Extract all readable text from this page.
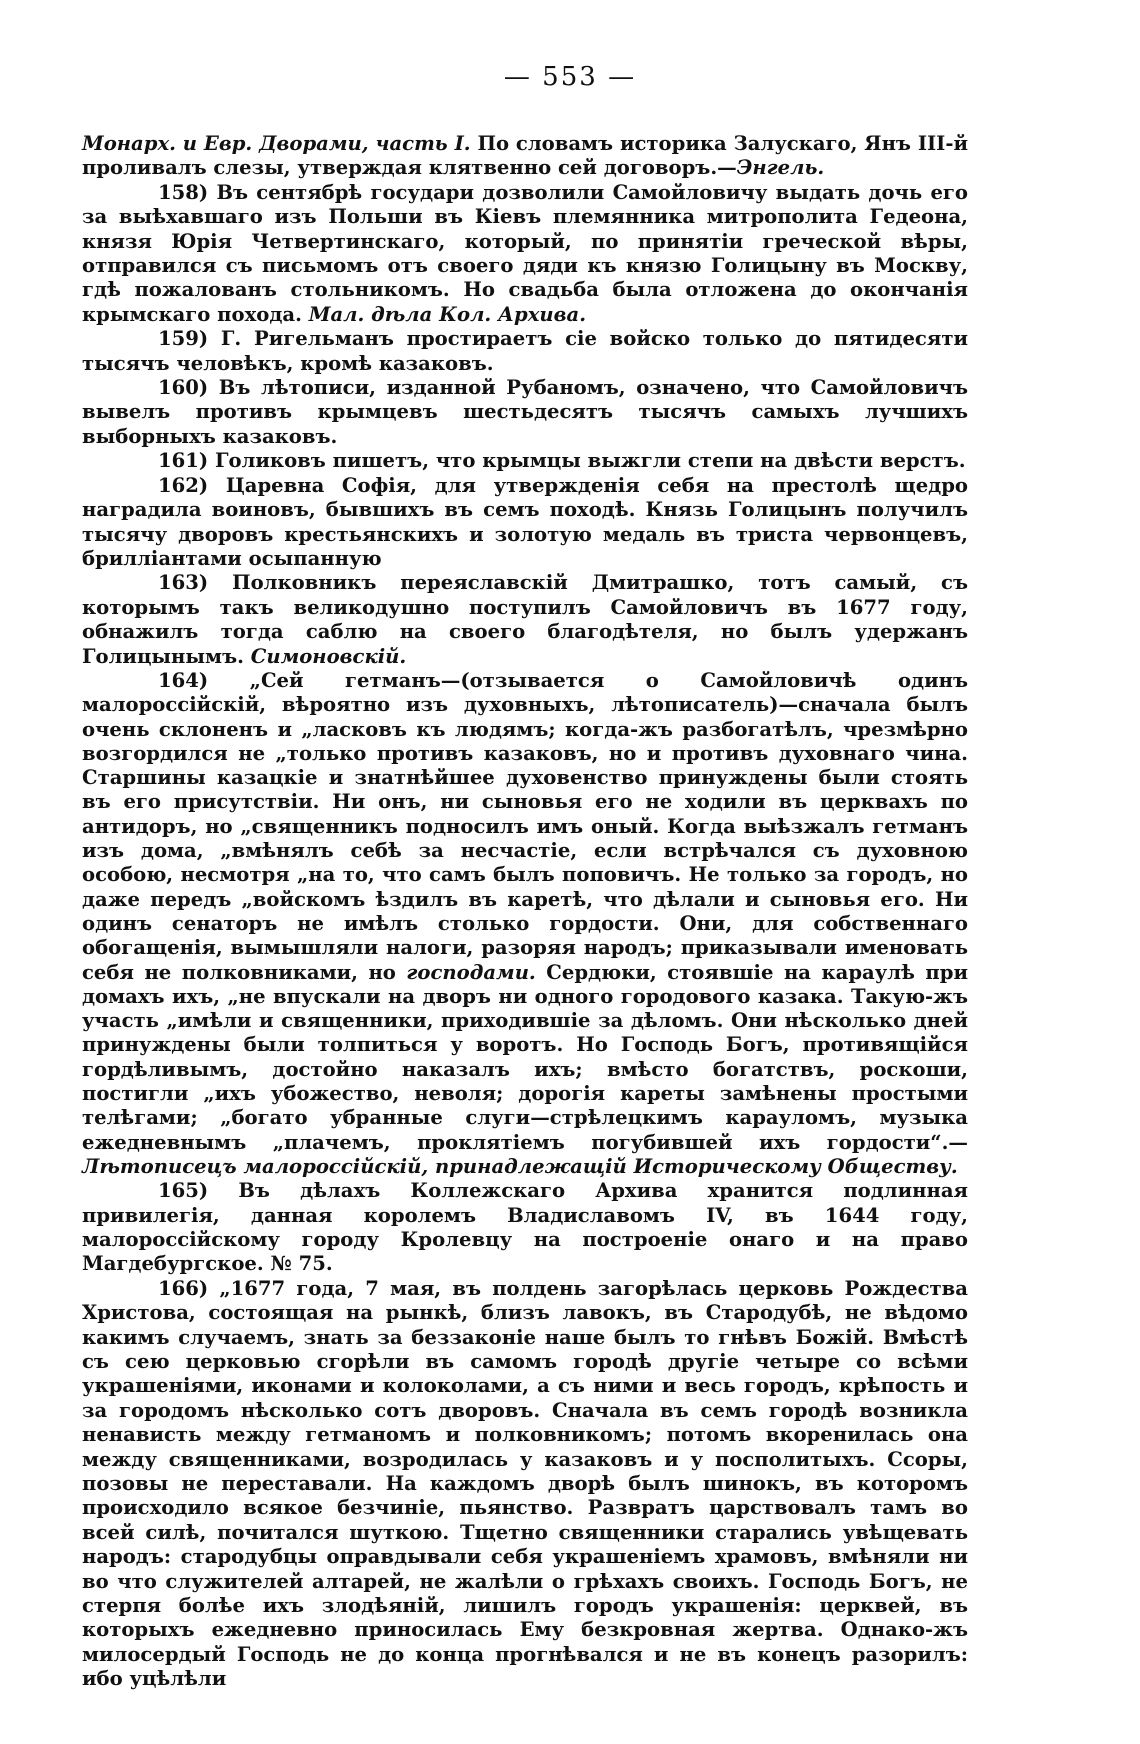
— 553 —

Монарх. и Евр. Дворами, часть I. По словамъ историка Залускаго, Янъ III-й проливалъ слезы, утверждая клятвенно сей договоръ.—Энгель.

158) Въ сентябрѣ государи дозволили Самойловичу выдать дочь его за выѣхавшаго изъ Польши въ Кіевъ племянника митрополита Гедеона, князя Юрія Четвертинскаго, который, по принятіи греческой вѣры, отправился съ письмомъ отъ своего дяди къ князю Голицыну въ Москву, гдѣ пожалованъ стольникомъ. Но свадьба была отложена до окончанія крымскаго похода. Мал. дѣла Кол. Архива.

159) Г. Ригельманъ простираетъ сіе войско только до пятидесяти тысячъ человѣкъ, кромѣ казаковъ.

160) Въ лѣтописи, изданной Рубаномъ, означено, что Самойловичъ вывелъ противъ крымцевъ шестьдесятъ тысячъ самыхъ лучшихъ выборныхъ казаковъ.

161) Голиковъ пишетъ, что крымцы выжгли степи на двѣсти верстъ.

162) Царевна Софія, для утвержденія себя на престолѣ щедро наградила воиновъ, бывшихъ въ семъ походѣ. Князь Голицынъ получилъ тысячу дворовъ крестьянскихъ и золотую медаль въ триста червонцевъ, бриллiантами осыпанную

163) Полковникъ переяславскій Дмитрашко, тотъ самый, съ которымъ такъ великодушно поступилъ Самойловичъ въ 1677 году, обнажилъ тогда саблю на своего благодѣтеля, но былъ удержанъ Голицынымъ. Симоновскій.

164) „Сей гетманъ—(отзывается о Самойловичѣ одинъ малороссійскій, вѣроятно изъ духовныхъ, лѣтописатель)—сначала былъ очень склоненъ и „ласковъ къ людямъ; когда-жъ разбогатѣлъ, чрезмѣрно возгордился не „только противъ казаковъ, но и противъ духовнаго чина. Старшины казацкіе и знатнѣйшее духовенство принуждены были стоять въ его присутствіи. Ни онъ, ни сыновья его не ходили въ церквахъ по антидоръ, но „священникъ подносилъ имъ оный. Когда выѣзжалъ гетманъ изъ дома, „вмѣнялъ себѣ за несчастіе, если встрѣчался съ духовною особою, несмотря „на то, что самъ былъ поповичъ. Не только за городъ, но даже передъ „войскомъ ѣздилъ въ каретѣ, что дѣлали и сыновья его. Ни одинъ сенаторъ не имѣлъ столько гордости. Они, для собственнаго обогащенія, вымышляли налоги, разоряя народъ; приказывали именовать себя не полковниками, но господами. Сердюки, стоявшіе на караулѣ при домахъ ихъ, „не впускали на дворъ ни одного городового казака. Такую-жъ участь „имѣли и священники, приходившіе за дѣломъ. Они нѣсколько дней принуждены были толпиться у воротъ. Но Господь Богъ, противящійся гордѣливымъ, достойно наказалъ ихъ; вмѣсто богатствъ, роскоши, постигли „ихъ убожество, неволя; дорогія кареты замѣнены простыми телѣгами; „богато убранные слуги—стрѣлецкимъ карауломъ, музыка ежедневнымъ „плачемъ, проклятіемъ погубившей ихъ гордости“.—Лѣтописецъ малороссійскій, принадлежащій Историческому Обществу.

165) Въ дѣлахъ Коллежскаго Архива хранится подлинная привилегія, данная королемъ Владиславомъ IV, въ 1644 году, малороссійскому городу Кролевцу на построеніе онаго и на право Магдебургское. № 75.

166) „1677 года, 7 мая, въ полдень загорѣлась церковь Рождества Христова, состоящая на рынкѣ, близъ лавокъ, въ Стародубѣ, не вѣдомо какимъ случаемъ, знать за беззаконіе наше былъ то гнѣвъ Божій. Вмѣстѣ съ сею церковью сгорѣли въ самомъ городѣ другіе четыре со всѣми украшеніями, иконами и колоколами, а съ ними и весь городъ, крѣпость и за городомъ нѣсколько сотъ дворовъ. Сначала въ семъ городѣ возникла ненависть между гетманомъ и полковникомъ; потомъ вкоренилась она между священниками, возродилась у казаковъ и у посполитыхъ. Ссоры, позовы не переставали. На каждомъ дворѣ былъ шинокъ, въ которомъ происходило всякое безчиніе, пьянство. Развратъ царствовалъ тамъ во всей силѣ, почитался шуткою. Тщетно священники старались увѣщевать народъ: стародубцы оправдывали себя украшеніемъ храмовъ, вмѣняли ни во что служителей алтарей, не жалѣли о грѣхахъ своихъ. Господь Богъ, не стерпя болѣе ихъ злодѣяній, лишилъ городъ украшенія: церквей, въ которыхъ ежедневно приносилась Ему безкровная жертва. Однако-жъ милосердый Господь не до конца прогнѣвался и не въ конецъ разорилъ: ибо уцѣлѣли
